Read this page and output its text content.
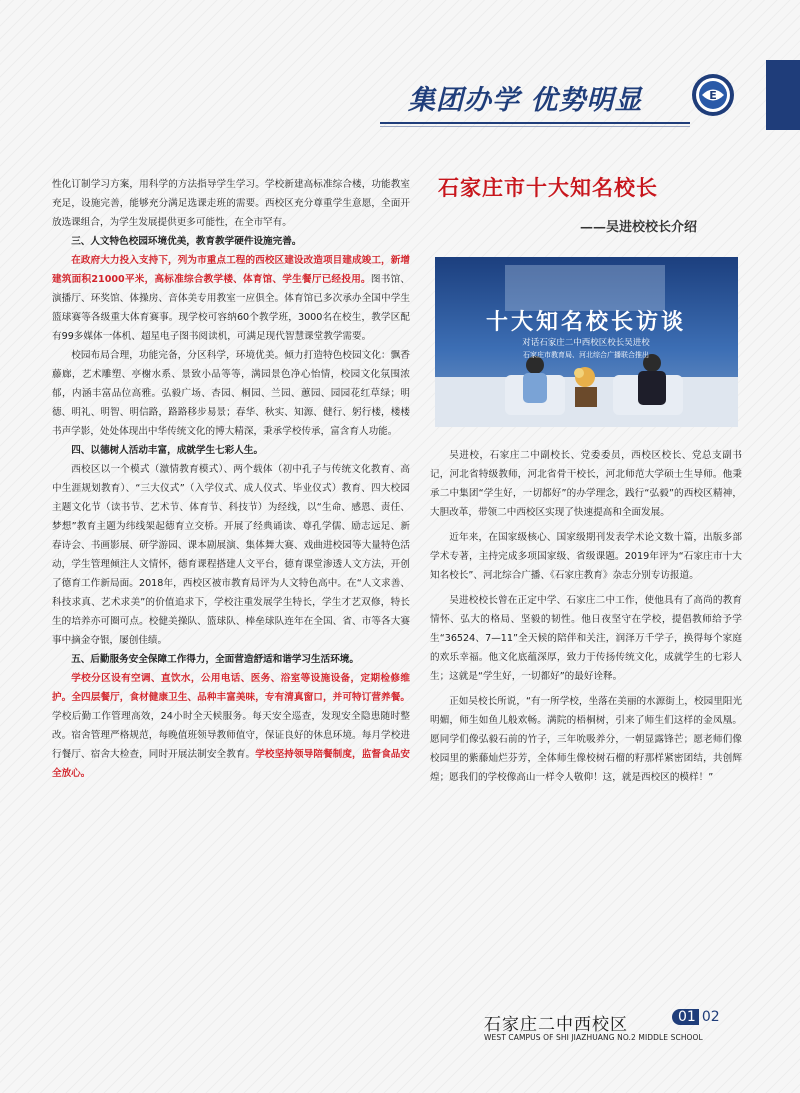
集团办学 优势明显	E

性化订制学习方案，用科学的方法指导学生学习。学校新建高标准综合楼，功能教室充足，设施完善，能够充分满足选课走班的需要。西校区充分尊重学生意愿，全面开放选课组合，为学生发展提供更多可能性，在全市罕有。

三、人文特色校园环境优美，教育教学硬件设施完善。

在政府大力投入支持下，列为市重点工程的西校区建设改造项目建成竣工，新增建筑面积21000平米，高标准综合教学楼、体育馆、学生餐厅已经投用。图书馆、演播厅、环奖馆、体操房、音体美专用教室一应俱全。体育馆已多次承办全国中学生篮球赛等各级重大体育赛事。现学校可容纳60个教学班，3000名在校生，教学区配有99多媒体一体机、超星电子图书阅读机，可满足现代智慧课堂教学需要。

校园布局合理，功能完备，分区科学，环境优美。倾力打造特色校园文化：飘香藤廊，艺术雕塑、亭榭水系、景致小品等等，满园景色净心怡情，校园文化氛围浓郁，内涵丰富品位高雅。弘毅广场、杏园、桐园、兰园、蕙园、园园花红草绿；明德、明礼、明智、明信路，路路移步易景；春华、秋实、知源、健行、躬行楼，楼楼书声学影，处处体现出中华传统文化的博大精深，秉承学校传承，富含育人功能。

四、以德树人活动丰富，成就学生七彩人生。

西校区以一个模式（激情教育模式）、两个载体（初中孔子与传统文化教育、高中生涯规划教育）、“三大仪式”（入学仪式、成人仪式、毕业仪式）教育、四大校园主题文化节（读书节、艺术节、体育节、科技节）为经线，以“生命、感恩、责任、梦想”教育主题为纬线架起德育立交桥。开展了经典诵读、尊孔学儒、励志远足、新春诗会、书画影展、研学游园、课本剧展演、集体舞大赛、戏曲进校园等大量特色活动，学生管理倾注人文情怀，德育课程搭建人文平台，德育课堂渗透人文方法，开创了德育工作新局面。2018年，西校区被市教育局评为人文特色高中。在“人文求善、科技求真、艺术求美”的价值追求下，学校注重发展学生特长，学生才艺双修，特长生的培养亦可圈可点。校健美操队、篮球队、棒垒球队连年在全国、省、市等各大赛事中摘金夺银，屡创佳绩。

五、后勤服务安全保障工作得力，全面营造舒适和谐学习生活环境。

学校分区设有空调、直饮水，公用电话、医务、浴室等设施设备，定期检修维护。全四层餐厅，食材健康卫生、品种丰富美味，专有清真窗口，并可特订营养餐。学校后勤工作管理高效，24小时全天候服务。每天安全巡查，发现安全隐患随时整改。宿舍管理严格规范，每晚值班领导教师值守，保证良好的休息环境。每月学校进行餐厅、宿舍大检查，同时开展法制安全教育。学校坚持领导陪餐制度，监督食品安全放心。

石家庄市十大知名校长
——吴进校校长介绍
十大知名校长访谈
对话石家庄二中西校区校长吴进校
石家庄市教育局、河北综合广播联合推出

吴进校，石家庄二中副校长、党委委员，西校区校长、党总支副书记，河北省特级教师，河北省骨干校长，河北师范大学硕士生导师。他秉承二中集团“学生好，一切都好”的办学理念，践行“弘毅”的西校区精神，大胆改革，带领二中西校区实现了快速提高和全面发展。

近年来，在国家级核心、国家级期刊发表学术论文数十篇，出版多部学术专著，主持完成多项国家级、省级课题。2019年评为“石家庄市十大知名校长”、河北综合广播、《石家庄教育》杂志分别专访报道。

吴进校校长曾在正定中学、石家庄二中工作，使他具有了高尚的教育情怀、弘大的格局、坚毅的韧性。他日夜坚守在学校，提倡教师给予学生“36524、7—11”全天候的陪伴和关注，润泽万千学子，换得每个家庭的欢乐幸福。他文化底蕴深厚，致力于传扬传统文化，成就学生的七彩人生；这就是“学生好，一切都好”的最好诠释。

正如吴校长所说，“有一所学校，坐落在美丽的水源街上，校园里阳光明媚，师生如鱼儿般欢畅。满院的梧桐树，引来了师生们这样的金凤凰。愿同学们像弘毅石前的竹子，三年吮吸养分，一朝显露锋芒；愿老师们像校园里的紫藤灿烂芬芳，全体师生像校树石榴的籽那样紧密团结，共创辉煌；愿我们的学校像高山一样令人敬仰！这，就是西校区的模样！”

石家庄二中西校区	01 02
WEST CAMPUS OF SHI JIAZHUANG NO.2 MIDDLE SCHOOL
